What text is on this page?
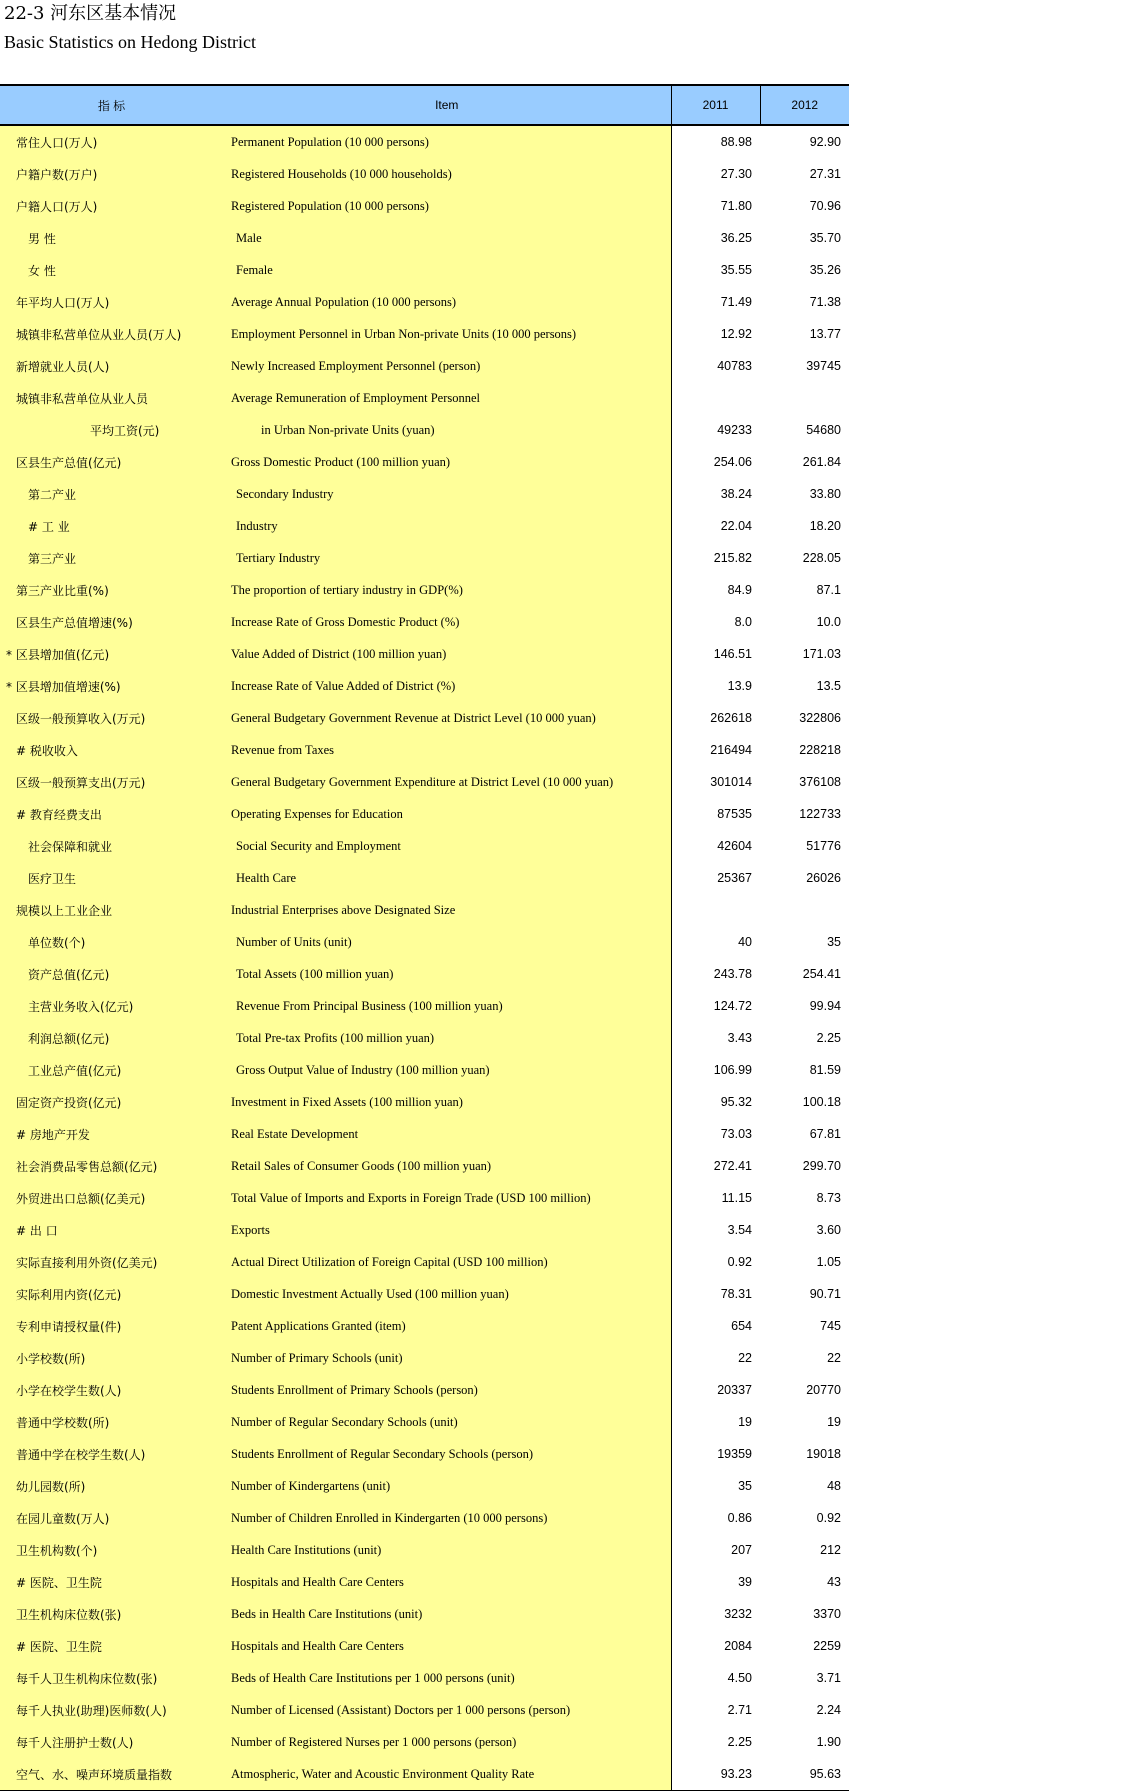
22-3 河东区基本情况
Basic Statistics on Hedong District
指 标	Item	2011	2012
常住人口(万人)	Permanent Population (10 000 persons)	88.98	92.90
户籍户数(万户)	Registered Households (10 000 households)	27.30	27.31
户籍人口(万人)	Registered Population (10 000 persons)	71.80	70.96
男 性	Male	36.25	35.70
女 性	Female	35.55	35.26
年平均人口(万人)	Average Annual Population (10 000 persons)	71.49	71.38
城镇非私营单位从业人员(万人)	Employment Personnel in Urban Non-private Units (10 000 persons)	12.92	13.77
新增就业人员(人)	Newly Increased Employment Personnel (person)	40783	39745
城镇非私营单位从业人员	Average Remuneration of Employment Personnel		
平均工资(元)	in Urban Non-private Units (yuan)	49233	54680
区县生产总值(亿元)	Gross Domestic Product (100 million yuan)	254.06	261.84
第二产业	Secondary Industry	38.24	33.80
# 工 业	Industry	22.04	18.20
第三产业	Tertiary Industry	215.82	228.05
第三产业比重(%)	The proportion of tertiary industry in GDP(%)	84.9	87.1
区县生产总值增速(%)	Increase Rate of Gross Domestic Product (%)	8.0	10.0
* 区县增加值(亿元)	Value Added of District (100 million yuan)	146.51	171.03
* 区县增加值增速(%)	Increase Rate of Value Added of District (%)	13.9	13.5
区级一般预算收入(万元)	General Budgetary Government Revenue at District Level (10 000 yuan)	262618	322806
# 税收收入	Revenue from Taxes	216494	228218
区级一般预算支出(万元)	General Budgetary Government Expenditure at District Level (10 000 yuan)	301014	376108
# 教育经费支出	Operating Expenses for Education	87535	122733
社会保障和就业	Social Security and Employment	42604	51776
医疗卫生	Health Care	25367	26026
规模以上工业企业	Industrial Enterprises above Designated Size		
单位数(个)	Number of Units (unit)	40	35
资产总值(亿元)	Total Assets (100 million yuan)	243.78	254.41
主营业务收入(亿元)	Revenue From Principal Business (100 million yuan)	124.72	99.94
利润总额(亿元)	Total Pre-tax Profits (100 million yuan)	3.43	2.25
工业总产值(亿元)	Gross Output Value of Industry (100 million yuan)	106.99	81.59
固定资产投资(亿元)	Investment in Fixed Assets (100 million yuan)	95.32	100.18
# 房地产开发	Real Estate Development	73.03	67.81
社会消费品零售总额(亿元)	Retail Sales of Consumer Goods (100 million yuan)	272.41	299.70
外贸进出口总额(亿美元)	Total Value of Imports and Exports in Foreign Trade (USD 100 million)	11.15	8.73
# 出 口	Exports	3.54	3.60
实际直接利用外资(亿美元)	Actual Direct Utilization of Foreign Capital (USD 100 million)	0.92	1.05
实际利用内资(亿元)	Domestic Investment Actually Used (100 million yuan)	78.31	90.71
专利申请授权量(件)	Patent Applications Granted (item)	654	745
小学校数(所)	Number of Primary Schools (unit)	22	22
小学在校学生数(人)	Students Enrollment of Primary Schools (person)	20337	20770
普通中学校数(所)	Number of Regular Secondary Schools (unit)	19	19
普通中学在校学生数(人)	Students Enrollment of Regular Secondary Schools (person)	19359	19018
幼儿园数(所)	Number of Kindergartens (unit)	35	48
在园儿童数(万人)	Number of Children Enrolled in Kindergarten (10 000 persons)	0.86	0.92
卫生机构数(个)	Health Care Institutions (unit)	207	212
# 医院、卫生院	Hospitals and Health Care Centers	39	43
卫生机构床位数(张)	Beds in Health Care Institutions (unit)	3232	3370
# 医院、卫生院	Hospitals and Health Care Centers	2084	2259
每千人卫生机构床位数(张)	Beds of Health Care Institutions per 1 000 persons (unit)	4.50	3.71
每千人执业(助理)医师数(人)	Number of Licensed (Assistant) Doctors per 1 000 persons (person)	2.71	2.24
每千人注册护士数(人)	Number of Registered Nurses per 1 000 persons (person)	2.25	1.90
空气、水、噪声环境质量指数	Atmospheric, Water and Acoustic Environment Quality Rate	93.23	95.63
